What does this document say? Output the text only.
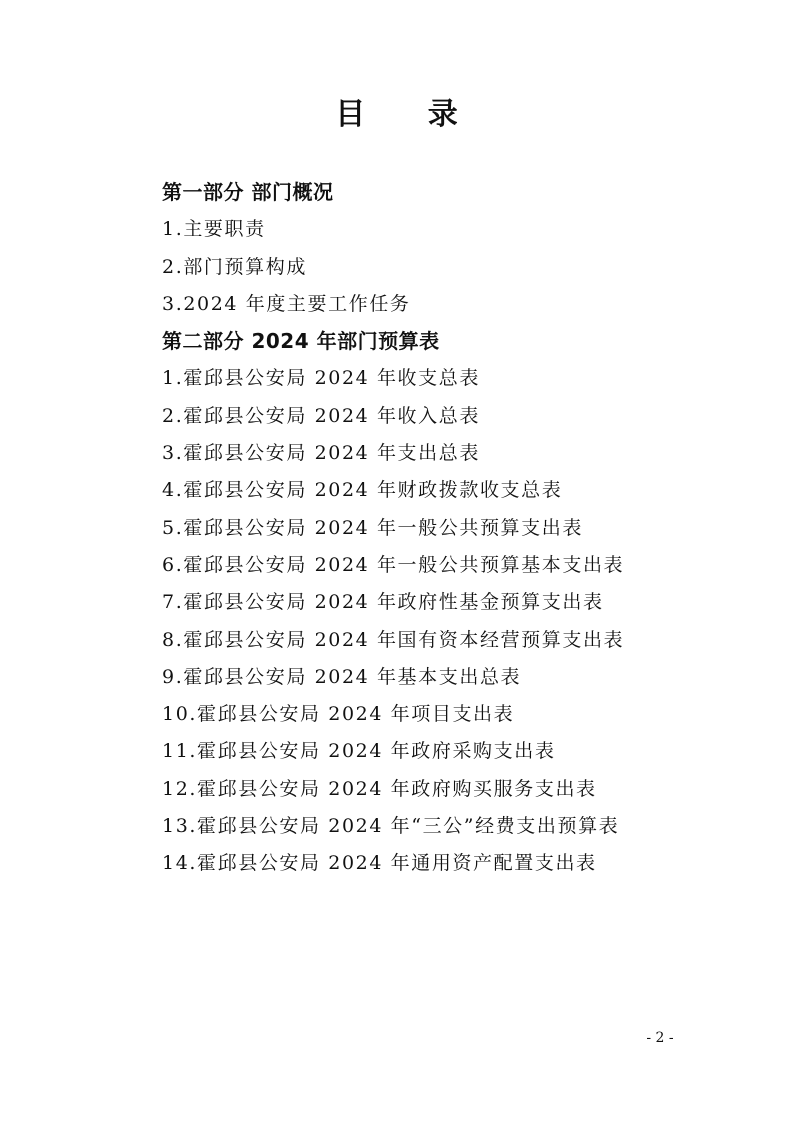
目 录
第一部分 部门概况
1.主要职责
2.部门预算构成
3.2024 年度主要工作任务
第二部分 2024 年部门预算表
1.霍邱县公安局 2024 年收支总表
2.霍邱县公安局 2024 年收入总表
3.霍邱县公安局 2024 年支出总表
4.霍邱县公安局 2024 年财政拨款收支总表
5.霍邱县公安局 2024 年一般公共预算支出表
6.霍邱县公安局 2024 年一般公共预算基本支出表
7.霍邱县公安局 2024 年政府性基金预算支出表
8.霍邱县公安局 2024 年国有资本经营预算支出表
9.霍邱县公安局 2024 年基本支出总表
10.霍邱县公安局 2024 年项目支出表
11.霍邱县公安局 2024 年政府采购支出表
12.霍邱县公安局 2024 年政府购买服务支出表
13.霍邱县公安局 2024 年“三公”经费支出预算表
14.霍邱县公安局 2024 年通用资产配置支出表
- 2 -
